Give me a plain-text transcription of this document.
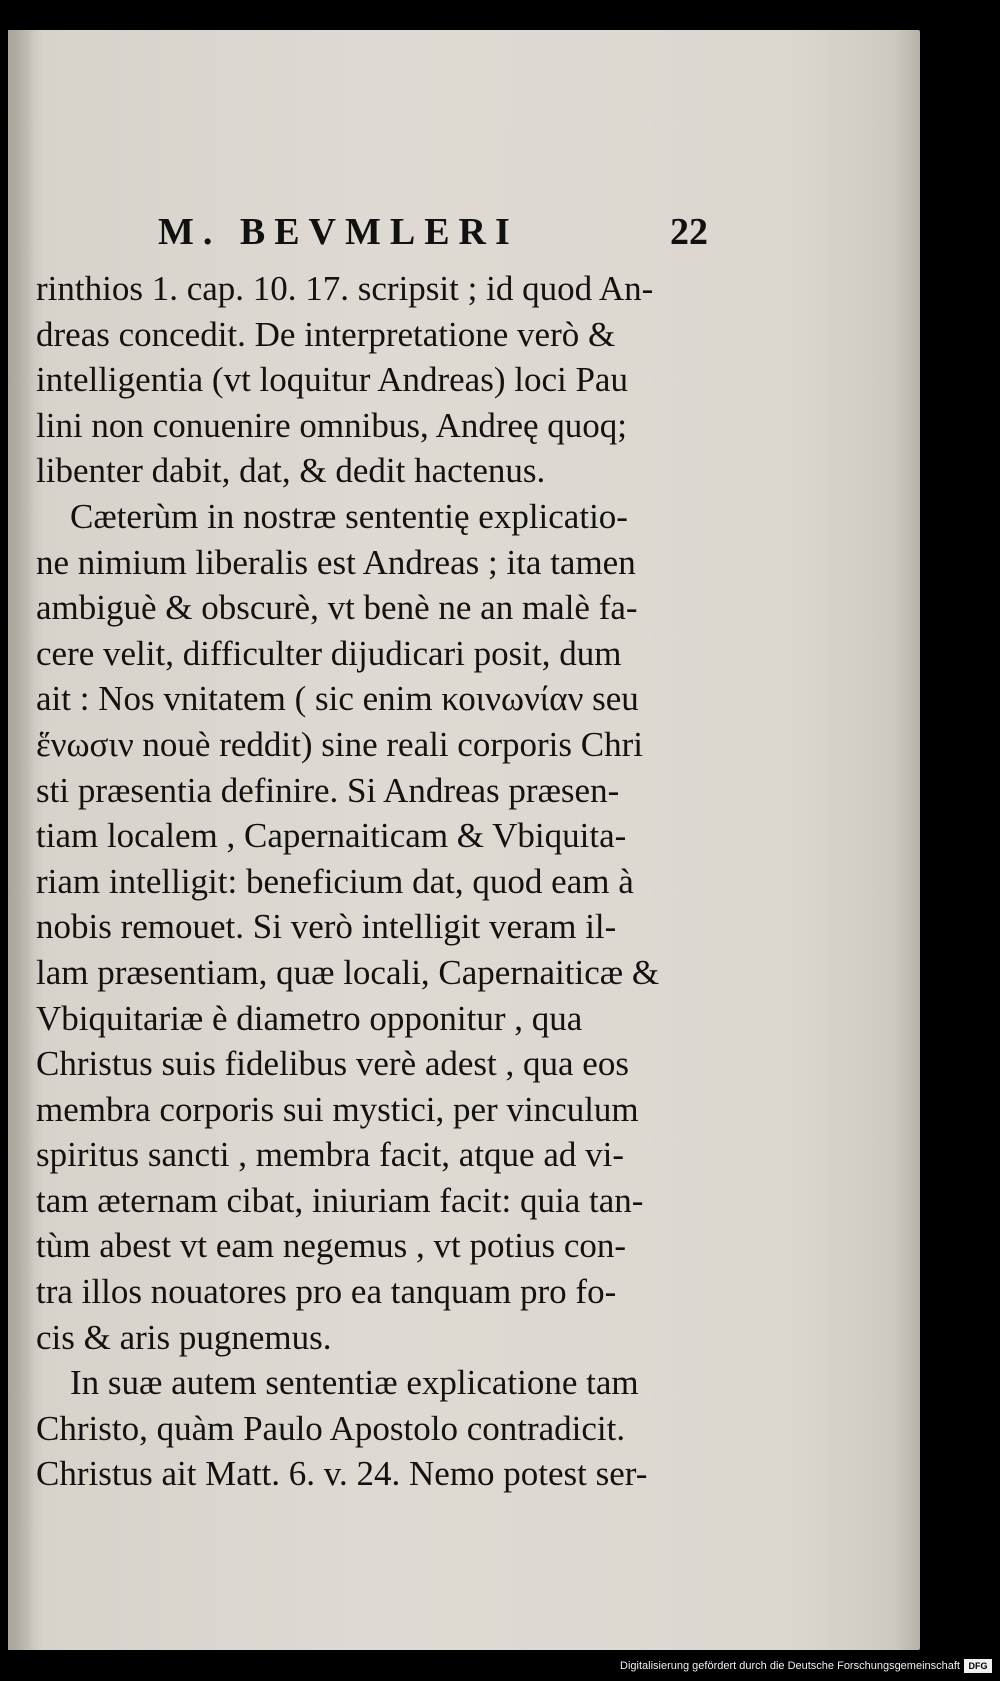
M. BEVMLERI	22
rinthios 1. cap. 10. 17. scripsit ; id quod An-
dreas concedit. De interpretatione verò &
intelligentia (vt loquitur Andreas) loci Pau
lini non conuenire omnibus, Andreę quoq;
libenter dabit, dat, & dedit hactenus.
Cæterùm in nostræ sententię explicatio-
ne nimium liberalis est Andreas ; ita tamen
ambiguè & obscurè, vt benè ne an malè fa-
cere velit, difficulter dijudicari posit, dum
ait : Nos vnitatem ( sic enim κοινωνίαν seu
ἕνωσιν nouè reddit) sine reali corporis Chri
sti præsentia definire. Si Andreas præsen-
tiam localem , Capernaiticam & Vbiquita-
riam intelligit: beneficium dat, quod eam à
nobis remouet. Si verò intelligit veram il-
lam præsentiam, quæ locali, Capernaiticæ &
Vbiquitariæ è diametro opponitur , qua
Christus suis fidelibus verè adest , qua eos
membra corporis sui mystici, per vinculum
spiritus sancti , membra facit, atque ad vi-
tam æternam cibat, iniuriam facit: quia tan-
tùm abest vt eam negemus , vt potius con-
tra illos nouatores pro ea tanquam pro fo-
cis & aris pugnemus.
In suæ autem sententiæ explicatione tam
Christo, quàm Paulo Apostolo contradicit.
Christus ait Matt. 6. v. 24. Nemo potest ser-
Digitalisierung gefördert durch die Deutsche Forschungsgemeinschaft DFG
